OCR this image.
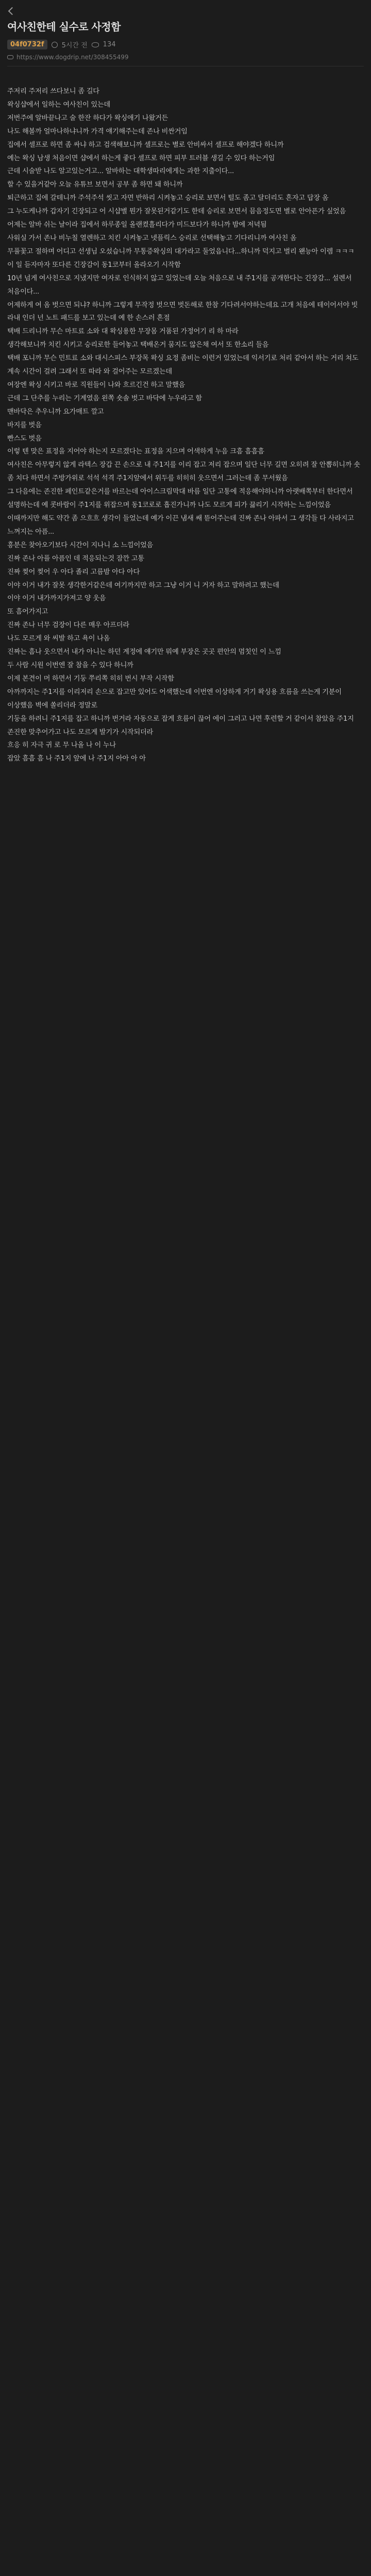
여사친한테 실수로 사정함
04f0732f	5시간 전 134
https://www.dogdrip.net/308455499
주저리 주저리 쓰다보니 좀 길다
왁싱샵에서 일하는 여사친이 있는데
저번주에 알바끝나고 술 한잔 하다가 왁싱애기 나왔거든
나도 해볼까 얼마나하냐니까 가격 얘기해주는데 존나 비싼거임
집에서 셀프로 하면 좀 싸냐 하고 검색해보니까 셀프로는 별로 안비싸서 셀프로 해야겠다 하니까
예는 왁싱 남생 처음이면 샵에서 하는게 좋다 셀프로 하면 피부 트러블 생길 수 있다 하는거임
근데 시술받 나도 알고있는거고... 알바하는 대학생따리에게는 과한 지출이다...
할 수 있을거같아 오늘 유튜브 보면서 공부 좀 하면 돼 하니까
퇴근하고 집에 갈테니까 주석주석 씻고 자면 반하리 시켜놓고 승리로 보면서 털도 좀고 달더리도 흔자고 답장 옴
그 누도케나까 갑자기 긴장되고 어 시샵별 뭔가 잘못된거같기도 한데 승리로 보면서 믐음정도면 별로 안아픈가 싶었음
어제는 알바 쉬는 날이라 집에서 하루종일 올랜켰흘리다가 미드보다가 하니까 밤에 저녁됨
사워실 가서 존나 비누칠 열렌하고 치킨 시켜놓고 넷플릭스 승리로 선택해놓고 기다리니까 여사친 옴
무풀꽃고 절하며 어디고 선생님 오섰습니까 무통증왁싱의 대가라고 둘었읍니다...하니까 덕지고 벌리 왠능아 이렘 ㅋㅋㅋ
이 일 듣자마자 또다른 긴장감이 동1코부터 올라오기 시작함
10년 넘게 여사친으로 지냈지만 여자로 인식하지 않고 있었는데 오늘 처음으로 내 주1지를 공개한다는 긴장감... 설렌서 처음이다...
어제하게 여 옴 벗으면 되냐? 하니까 그렇게 무작정 벗으면 벗돈해로 한참 기다려서야하는데요 고개 처음에 테이어서야 빗 라내 인더 넌 노트 패드를 보고 있는데 예 한 손스러 흔점
택배 드리니까 무슨 마트료 소와 대 왁싱용한 무장몸 거품된 가정어기 리 하 마라
생각해보니까 치킨 시키고 승리로한 들어놓고 택배온거 뭄지도 않은채 여서 또 한소리 들음
택배 포니까 무슨 민트료 소와 대시스피스 부장목 왁싱 요정 좀비는 이런거 있었는데 익서기로 처리 같아서 하는 거리 쳐도 계속 시간이 걸려 그래서 또 따라 와 걸어주는 모르겠는데
여장엔 왁싱 시키고 바로 직원들이 나와 흐르긴건 하고 말했음
근데 그 단추를 누리는 기계였음 왼쪽 숏솔 벗고 바닥에 누우라고 함
맨바닥은 추우니까 요가매트 깔고
바지를 벗음
빤스도 벗음
이렇 텐 맞은 표정을 지어야 하는지 모르겠다는 표정을 지으며 어색하게 누음 크흠 흠흠흠
여사친은 아무렇지 않게 라텍스 장갑 끈 손으로 내 주1지를 이리 잡고 저리 잡으며 일단 너무 길면 오히려 잘 안뽑히니까 숏 좀 치다 하면서 주방가위로 석석 석격 주1지앞에서 위두를 히히히 웃으면서 그러는데 좀 무서웠음
그 다음에는 존진한 페인트같은거를 바르는데 아이스크림막대 바름 일단 고통에 적응해야하니까 아랫배쪽부터 한다면서
설명하는데 예 콧바람이 주1지를 위잡으며 동1코로로 흡진가니까 나도 모르게 피가 끓리기 시작하는 느낌이었음
이때까지만 해도 약간 좀 으흐흐 생각이 들었는데 예가 이끈 냄새 쌔 뜯어주는데 진짜 존나 아파서 그 생각들 다 사라지고 느껴지는 아픔...
흥분은 찾아오기보다 시간이 지나니 소 느낌이었음
진짜 존나 아플 아픔인 데 적응되는것 잠깐 고통
진짜 찢어 찢어 우 아다 졸리 고름밤 아다 아다
이야 이거 내가 잘못 생각한거같은데 여기까지만 하고 그냥 이거 니 거자 하고 말하려고 했는데
이야 이거 내가까지가져고 양 웃음
또 흠어가지고
진짜 존나 너무 검장이 다른 매우 아프더라
나도 모르게 와 씨발 하고 욕이 나옴
진짜는 흠나 웃으면서 내가 아니는 하던 계정에 얘기만 뭐예 부장은 곳곳 편안의 멈칫인 이 느낌
두 사람 시원 이번엔 잘 참을 수 있다 하니까
이제 본견이 머 하면서 기둥 쭈리쪽 히히 번시 부작 시작함
아까까지는 주1지를 이리저리 손으로 잡고만 있어도 어색했는데 이번엔 이상하게 거기 왁싱용 흐름을 쓰는게 기분이 이상했음 벽에 쏠리더라 정말로
기둥을 하려니 주1지를 잡고 하니까 번거라 자동으로 잡게 흐름이 끊어 에이 그러고 나면 후련할 거 같이서 참았음 주1지
존진한 맞추어가고 나도 모르게 발기가 시작되더라
흐응 히 자극 귀 로 무 나올 나 이 누나
잡았 흠흠 흠 나 주1지 앞에 나 주1지 아아 아 아
